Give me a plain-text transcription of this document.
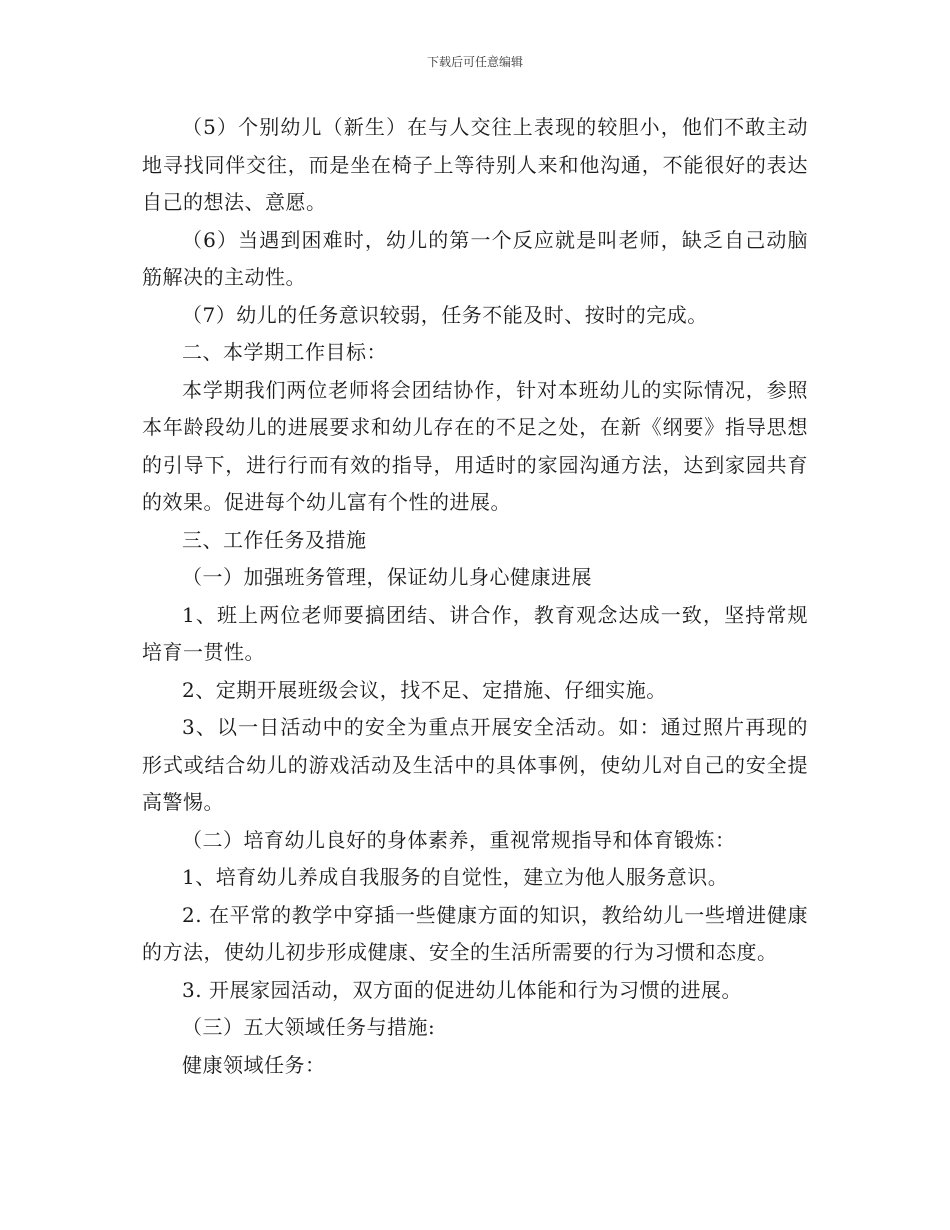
下载后可任意编辑

（5）个别幼儿（新生）在与人交往上表现的较胆小，他们不敢主动地寻找同伴交往，而是坐在椅子上等待别人来和他沟通，不能很好的表达自己的想法、意愿。

（6）当遇到困难时，幼儿的第一个反应就是叫老师，缺乏自己动脑筋解决的主动性。

（7）幼儿的任务意识较弱，任务不能及时、按时的完成。

二、本学期工作目标：

本学期我们两位老师将会团结协作，针对本班幼儿的实际情况，参照本年龄段幼儿的进展要求和幼儿存在的不足之处，在新《纲要》指导思想的引导下，进行行而有效的指导，用适时的家园沟通方法，达到家园共育的效果。促进每个幼儿富有个性的进展。

三、工作任务及措施

（一）加强班务管理，保证幼儿身心健康进展

1、班上两位老师要搞团结、讲合作，教育观念达成一致，坚持常规培育一贯性。

2、定期开展班级会议，找不足、定措施、仔细实施。

3、以一日活动中的安全为重点开展安全活动。如：通过照片再现的形式或结合幼儿的游戏活动及生活中的具体事例，使幼儿对自己的安全提高警惕。

（二）培育幼儿良好的身体素养，重视常规指导和体育锻炼：

1、培育幼儿养成自我服务的自觉性，建立为他人服务意识。

2. 在平常的教学中穿插一些健康方面的知识，教给幼儿一些增进健康的方法，使幼儿初步形成健康、安全的生活所需要的行为习惯和态度。

3. 开展家园活动，双方面的促进幼儿体能和行为习惯的进展。

（三）五大领域任务与措施:

健康领域任务：
